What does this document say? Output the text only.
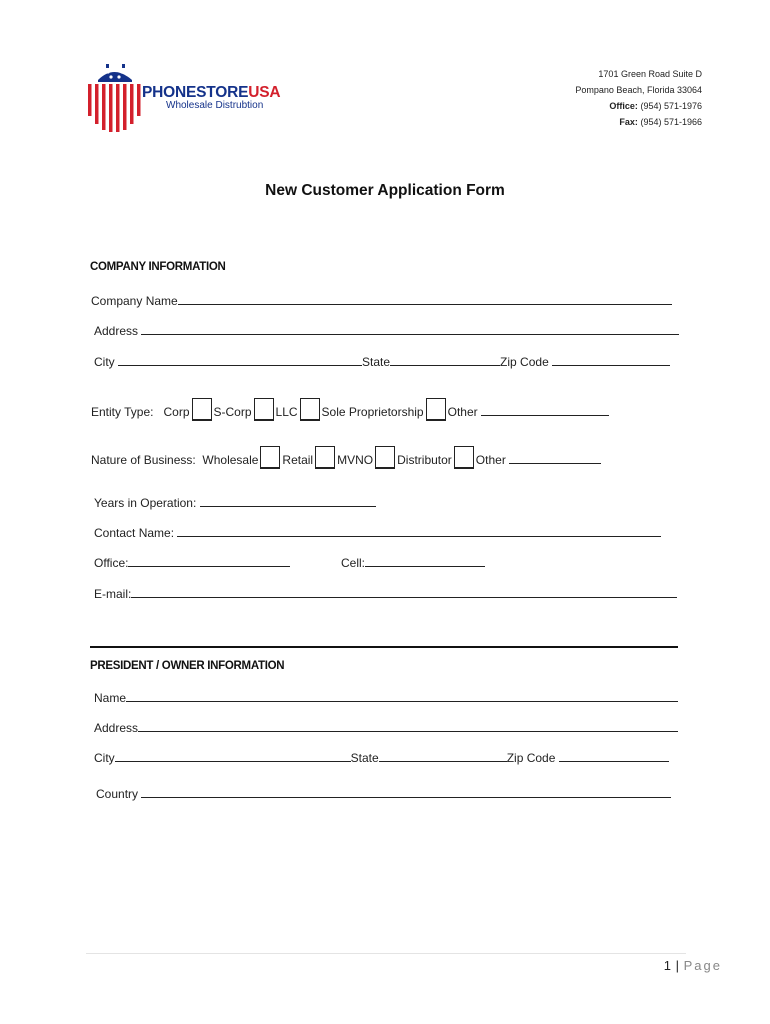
PHONESTOREUSA
Wholesale Distrubtion
1701 Green Road Suite D
Pompano Beach, Florida 33064
Office: (954) 571-1976
Fax: (954) 571-1966
New Customer Application Form
COMPANY INFORMATION
Company Name
Address
City	State	Zip Code
Entity Type: Corp S-Corp LLC Sole Proprietorship Other
Nature of Business: Wholesale Retail MVNO Distributor Other
Years in Operation:
Contact Name:
Office:	Cell:
E-mail:
PRESIDENT / OWNER INFORMATION
Name
Address
City	State	Zip Code
Country
1 | Page
